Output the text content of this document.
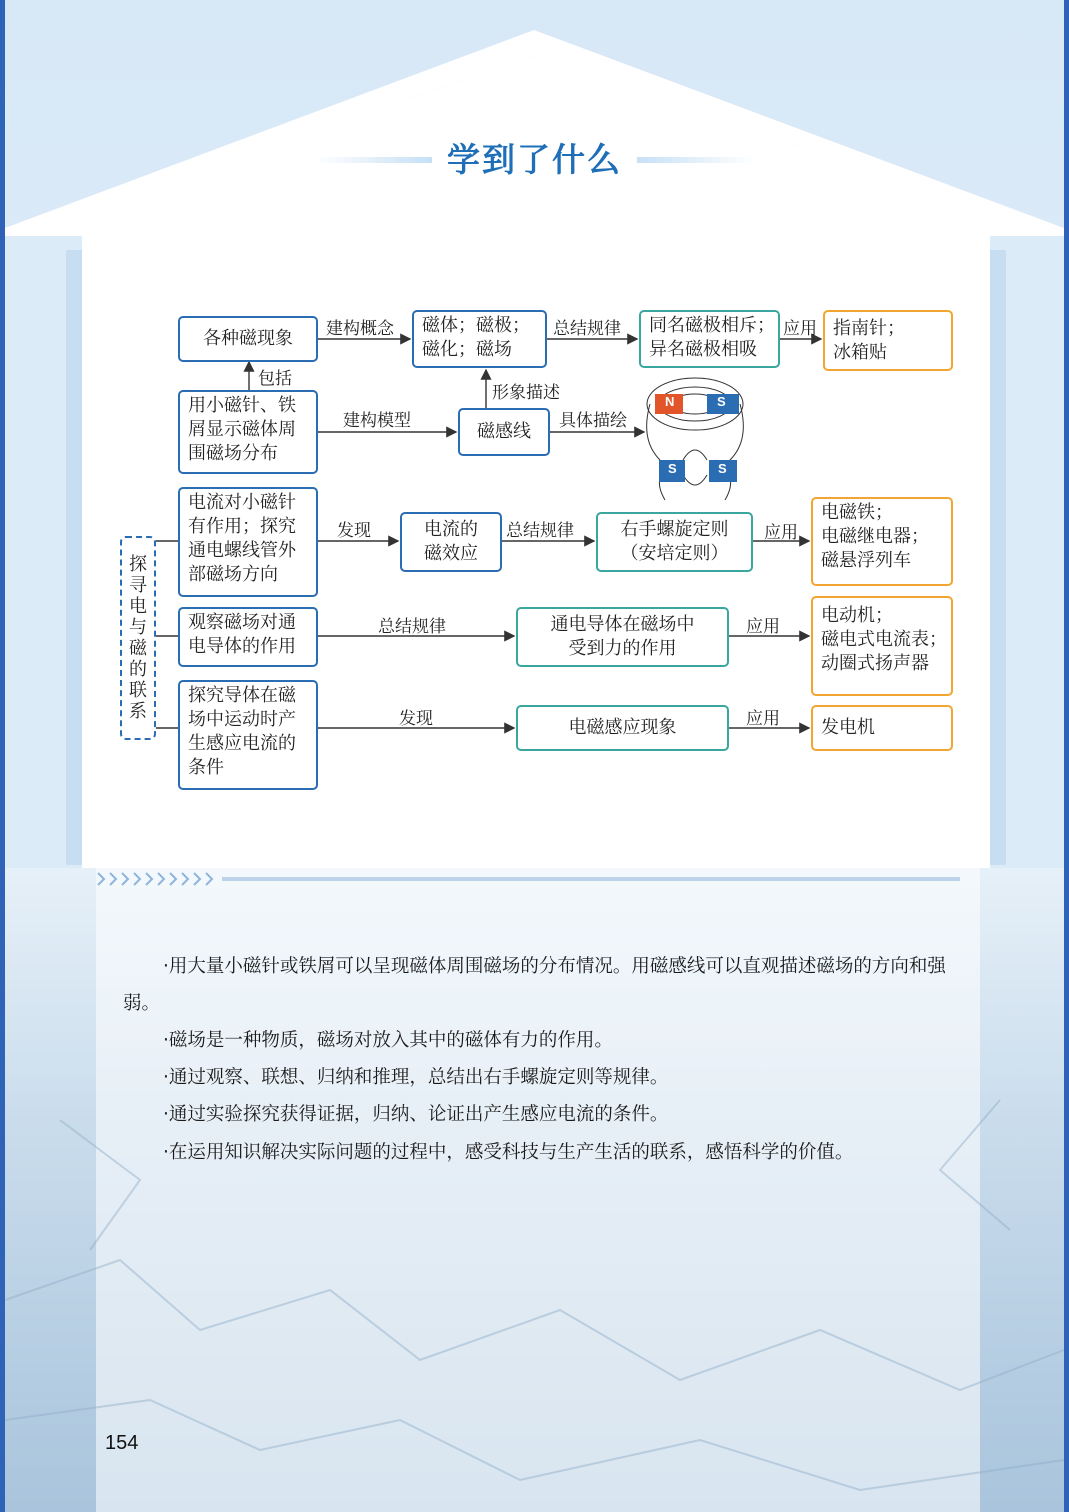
学到了什么
N	S
S	S
各种磁现象
磁体；磁极；
磁化；磁场
同名磁极相斥；
异名磁极相吸
指南针；
冰箱贴
建构概念	总结规律	应用
包括
形象描述
用小磁针、铁
屑显示磁体周
围磁场分布
建构模型	磁感线 具体描绘
探寻电与磁的联系
电流对小磁针
有作用；探究
通电螺线管外
部磁场方向
发现	电流的
磁效应
总结规律	右手螺旋定则
（安培定则）
应用
电磁铁；
电磁继电器；
磁悬浮列车
观察磁场对通
电导体的作用
总结规律	通电导体在磁场中
受到力的作用
应用
电动机；
磁电式电流表；
动圈式扬声器
探究导体在磁
场中运动时产
生感应电流的
条件
发现	电磁感应现象	应用 发电机
·用大量小磁针或铁屑可以呈现磁体周围磁场的分布情况。用磁感线可以直观描述磁场的方向和强弱。
·磁场是一种物质，磁场对放入其中的磁体有力的作用。
·通过观察、联想、归纳和推理，总结出右手螺旋定则等规律。
·通过实验探究获得证据，归纳、论证出产生感应电流的条件。
·在运用知识解决实际问题的过程中，感受科技与生产生活的联系，感悟科学的价值。
154
